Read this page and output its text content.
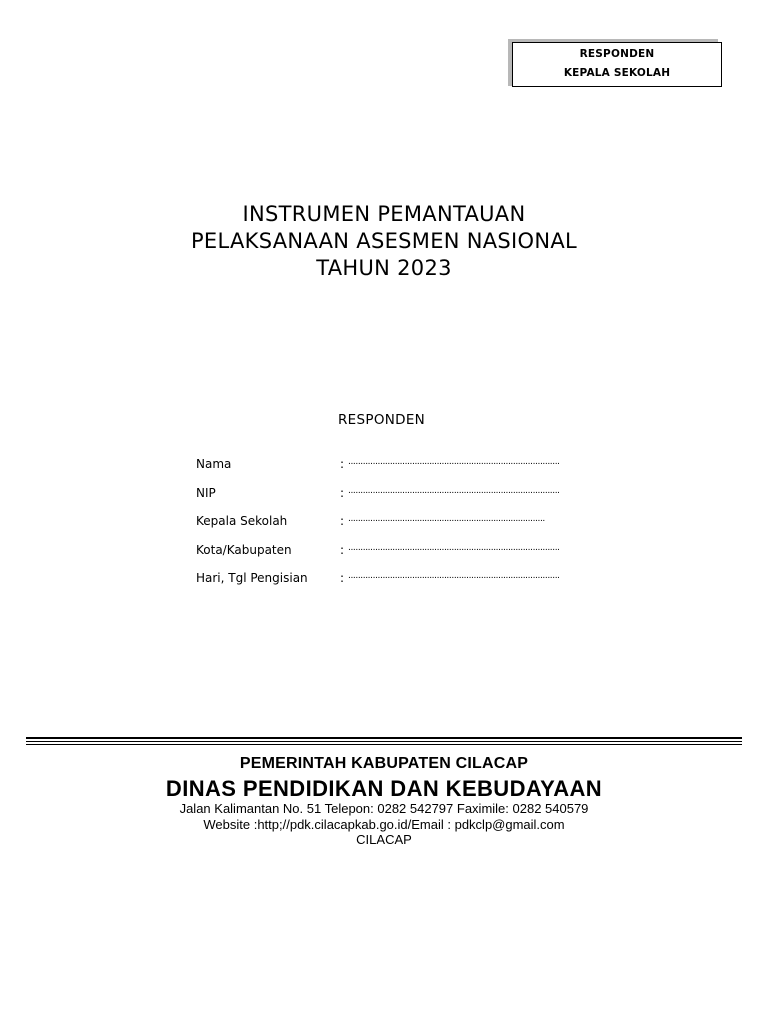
RESPONDEN
KEPALA SEKOLAH
INSTRUMEN PEMANTAUAN
PELAKSANAAN ASESMEN NASIONAL
TAHUN 2023
RESPONDEN
Nama	: ......................................................................................
NIP	: ......................................................................................
Kepala Sekolah	: ................................................................................
Kota/Kabupaten	: ......................................................................................
Hari, Tgl Pengisian	: ......................................................................................
PEMERINTAH KABUPATEN CILACAP
DINAS PENDIDIKAN DAN KEBUDAYAAN
Jalan Kalimantan No. 51 Telepon: 0282 542797 Faximile: 0282 540579
Website :http;//pdk.cilacapkab.go.id/Email : pdkclp@gmail.com
CILACAP
